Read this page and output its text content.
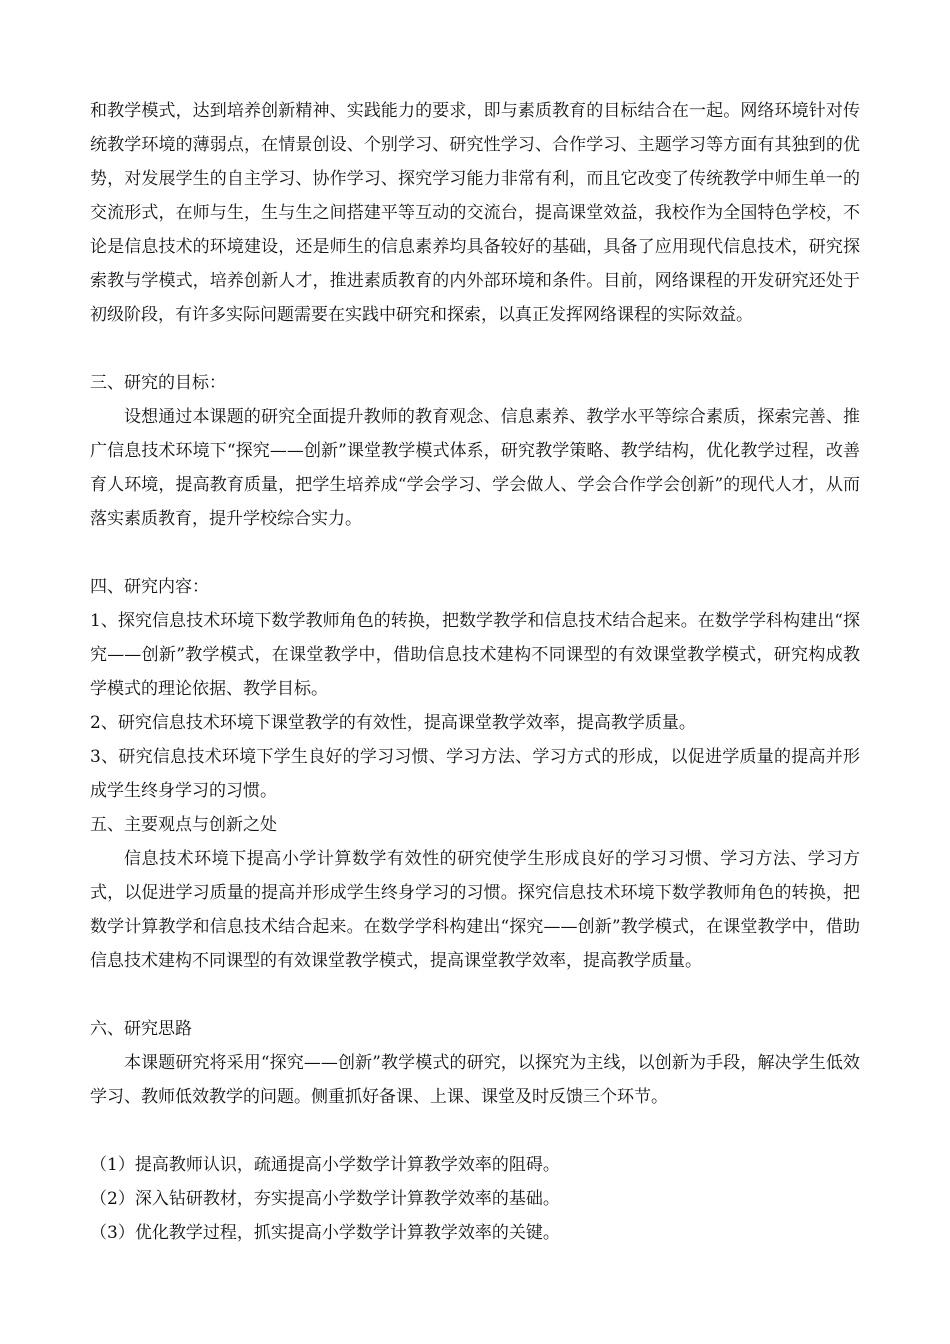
和教学模式，达到培养创新精神、实践能力的要求，即与素质教育的目标结合在一起。网络环境针对传统教学环境的薄弱点，在情景创设、个别学习、研究性学习、合作学习、主题学习等方面有其独到的优势，对发展学生的自主学习、协作学习、探究学习能力非常有利，而且它改变了传统教学中师生单一的交流形式，在师与生，生与生之间搭建平等互动的交流台，提高课堂效益，我校作为全国特色学校，不论是信息技术的环境建设，还是师生的信息素养均具备较好的基础，具备了应用现代信息技术，研究探索教与学模式，培养创新人才，推进素质教育的内外部环境和条件。目前，网络课程的开发研究还处于初级阶段，有许多实际问题需要在实践中研究和探索，以真正发挥网络课程的实际效益。

三、研究的目标：

设想通过本课题的研究全面提升教师的教育观念、信息素养、教学水平等综合素质，探索完善、推广信息技术环境下“探究——创新”课堂教学模式体系，研究教学策略、教学结构，优化教学过程，改善育人环境，提高教育质量，把学生培养成“学会学习、学会做人、学会合作学会创新”的现代人才，从而落实素质教育，提升学校综合实力。

四、研究内容：

1、探究信息技术环境下数学教师角色的转换，把数学教学和信息技术结合起来。在数学学科构建出“探究——创新”教学模式，在课堂教学中，借助信息技术建构不同课型的有效课堂教学模式，研究构成教学模式的理论依据、教学目标。

2、研究信息技术环境下课堂教学的有效性，提高课堂教学效率，提高教学质量。

3、研究信息技术环境下学生良好的学习习惯、学习方法、学习方式的形成，以促进学质量的提高并形成学生终身学习的习惯。

五、主要观点与创新之处

信息技术环境下提高小学计算数学有效性的研究使学生形成良好的学习习惯、学习方法、学习方式，以促进学习质量的提高并形成学生终身学习的习惯。探究信息技术环境下数学教师角色的转换，把数学计算教学和信息技术结合起来。在数学学科构建出“探究——创新”教学模式，在课堂教学中，借助信息技术建构不同课型的有效课堂教学模式，提高课堂教学效率，提高教学质量。

六、研究思路

本课题研究将采用“探究——创新”教学模式的研究，以探究为主线，以创新为手段，解决学生低效学习、教师低效教学的问题。侧重抓好备课、上课、课堂及时反馈三个环节。

（1）提高教师认识，疏通提高小学数学计算教学效率的阻碍。

（2）深入钻研教材，夯实提高小学数学计算教学效率的基础。

（3）优化教学过程，抓实提高小学数学计算教学效率的关键。
